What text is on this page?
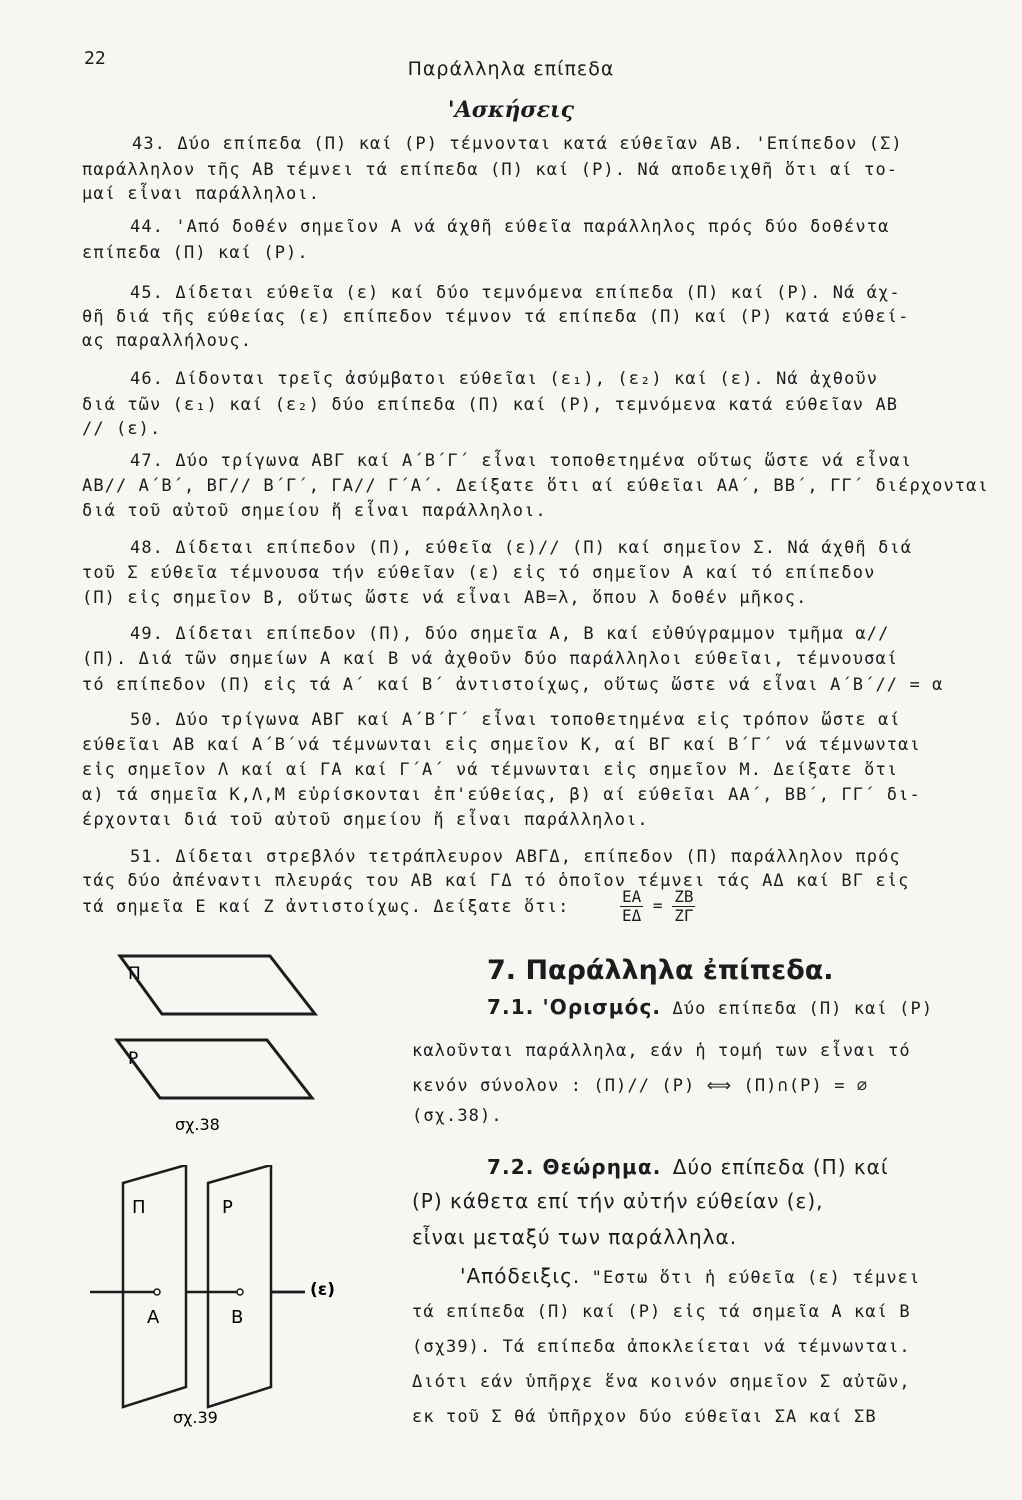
22	Παράλληλα επίπεδα
'Ασκήσεις
43. Δύο επίπεδα (Π) καί (Ρ) τέμνονται κατά εύθεῖαν ΑΒ. 'Επίπεδον (Σ)
παράλληλον τῆς ΑΒ τέμνει τά επίπεδα (Π) καί (Ρ). Νά αποδειχθῆ ὅτι αί το-
μαί εἶναι παράλληλοι.
44. 'Από δοθέν σημεῖον Α νά άχθῆ εύθεῖα παράλληλος πρός δύο δοθέντα
επίπεδα (Π) καί (Ρ).
45. Δίδεται εύθεῖα (ε) καί δύο τεμνόμενα επίπεδα (Π) καί (Ρ). Νά άχ-
θῆ διά τῆς εύθείας (ε) επίπεδον τέμνον τά επίπεδα (Π) καί (Ρ) κατά εύθεί-
ας παραλλήλους.
46. Δίδονται τρεῖς ἀσύμβατοι εύθεῖαι (ε₁), (ε₂) καί (ε). Νά ἀχθοῦν
διά τῶν (ε₁) καί (ε₂) δύο επίπεδα (Π) καί (Ρ), τεμνόμενα κατά εύθεῖαν ΑΒ
// (ε).
47. Δύο τρίγωνα ΑΒΓ καί Α΄Β΄Γ΄ εἶναι τοποθετημένα οὕτως ὥστε νά εἶναι
ΑΒ// Α΄Β΄, ΒΓ// Β΄Γ΄, ΓΑ// Γ΄Α΄. Δείξατε ὅτι αί εύθεῖαι ΑΑ΄, ΒΒ΄, ΓΓ΄ διέρχονται
διά τοῦ αὐτοῦ σημείου ἤ εἶναι παράλληλοι.
48. Δίδεται επίπεδον (Π), εύθεῖα (ε)// (Π) καί σημεῖον Σ. Νά άχθῆ διά
τοῦ Σ εύθεῖα τέμνουσα τήν εύθεῖαν (ε) εἰς τό σημεῖον Α καί τό επίπεδον
(Π) εἰς σημεῖον Β, οὕτως ὥστε νά εἶναι ΑΒ=λ, ὅπου λ δοθέν μῆκος.
49. Δίδεται επίπεδον (Π), δύο σημεῖα Α, Β καί εὐθύγραμμον τμῆμα α//
(Π). Διά τῶν σημείων Α καί Β νά ἀχθοῦν δύο παράλληλοι εύθεῖαι, τέμνουσαί
τό επίπεδον (Π) εἰς τά Α΄ καί Β΄ ἀντιστοίχως, οὕτως ὥστε νά εἶναι Α΄Β΄// = α
50. Δύο τρίγωνα ΑΒΓ καί Α΄Β΄Γ΄ εἶναι τοποθετημένα εἰς τρόπον ὥστε αί
εύθεῖαι ΑΒ καί Α΄Β΄νά τέμνωνται εἰς σημεῖον Κ, αί ΒΓ καί Β΄Γ΄ νά τέμνωνται
εἰς σημεῖον Λ καί αί ΓΑ καί Γ΄Α΄ νά τέμνωνται εἰς σημεῖον Μ. Δείξατε ὅτι
α) τά σημεῖα Κ,Λ,Μ εὑρίσκονται ἐπ'εύθείας, β) αί εύθεῖαι ΑΑ΄, ΒΒ΄, ΓΓ΄ δι-
έρχονται διά τοῦ αὐτοῦ σημείου ἤ εἶναι παράλληλοι.
51. Δίδεται στρεβλόν τετράπλευρον ΑΒΓΔ, επίπεδον (Π) παράλληλον πρός
τάς δύο ἀπέναντι πλευράς του ΑΒ καί ΓΔ τό ὁποῖον τέμνει τάς ΑΔ καί ΒΓ εἰς
τά σημεῖα Ε καί Ζ ἀντιστοίχως. Δείξατε ὅτι:	$\frac{EA}{E\Delta} = \frac{ZB}{Z\Gamma}$
Π
Ρ
σχ.38
Π	Ρ
Α	Β
(ε)
σχ.39
7. Παράλληλα ἐπίπεδα.
7.1. 'Ορισμός. Δύο επίπεδα (Π) καί (Ρ)
καλοῦνται παράλληλα, εάν ἡ τομή των εἶναι τό
κενόν σύνολον : (Π)// (Ρ) ⟺ (Π)∩(Ρ) = ∅
(σχ.38).
7.2. Θεώρημα. Δύο επίπεδα (Π) καί
(Ρ) κάθετα επί τήν αὐτήν εύθείαν (ε),
εἶναι μεταξύ των παράλληλα.
'Απόδειξις. "Εστω ὅτι ἡ εύθεῖα (ε) τέμνει
τά επίπεδα (Π) καί (Ρ) εἰς τά σημεῖα Α καί Β
(σχ39). Τά επίπεδα ἀποκλείεται νά τέμνωνται.
Διότι εάν ὑπῆρχε ἕνα κοινόν σημεῖον Σ αὐτῶν,
εκ τοῦ Σ θά ὑπῆρχον δύο εύθεῖαι ΣΑ καί ΣΒ
